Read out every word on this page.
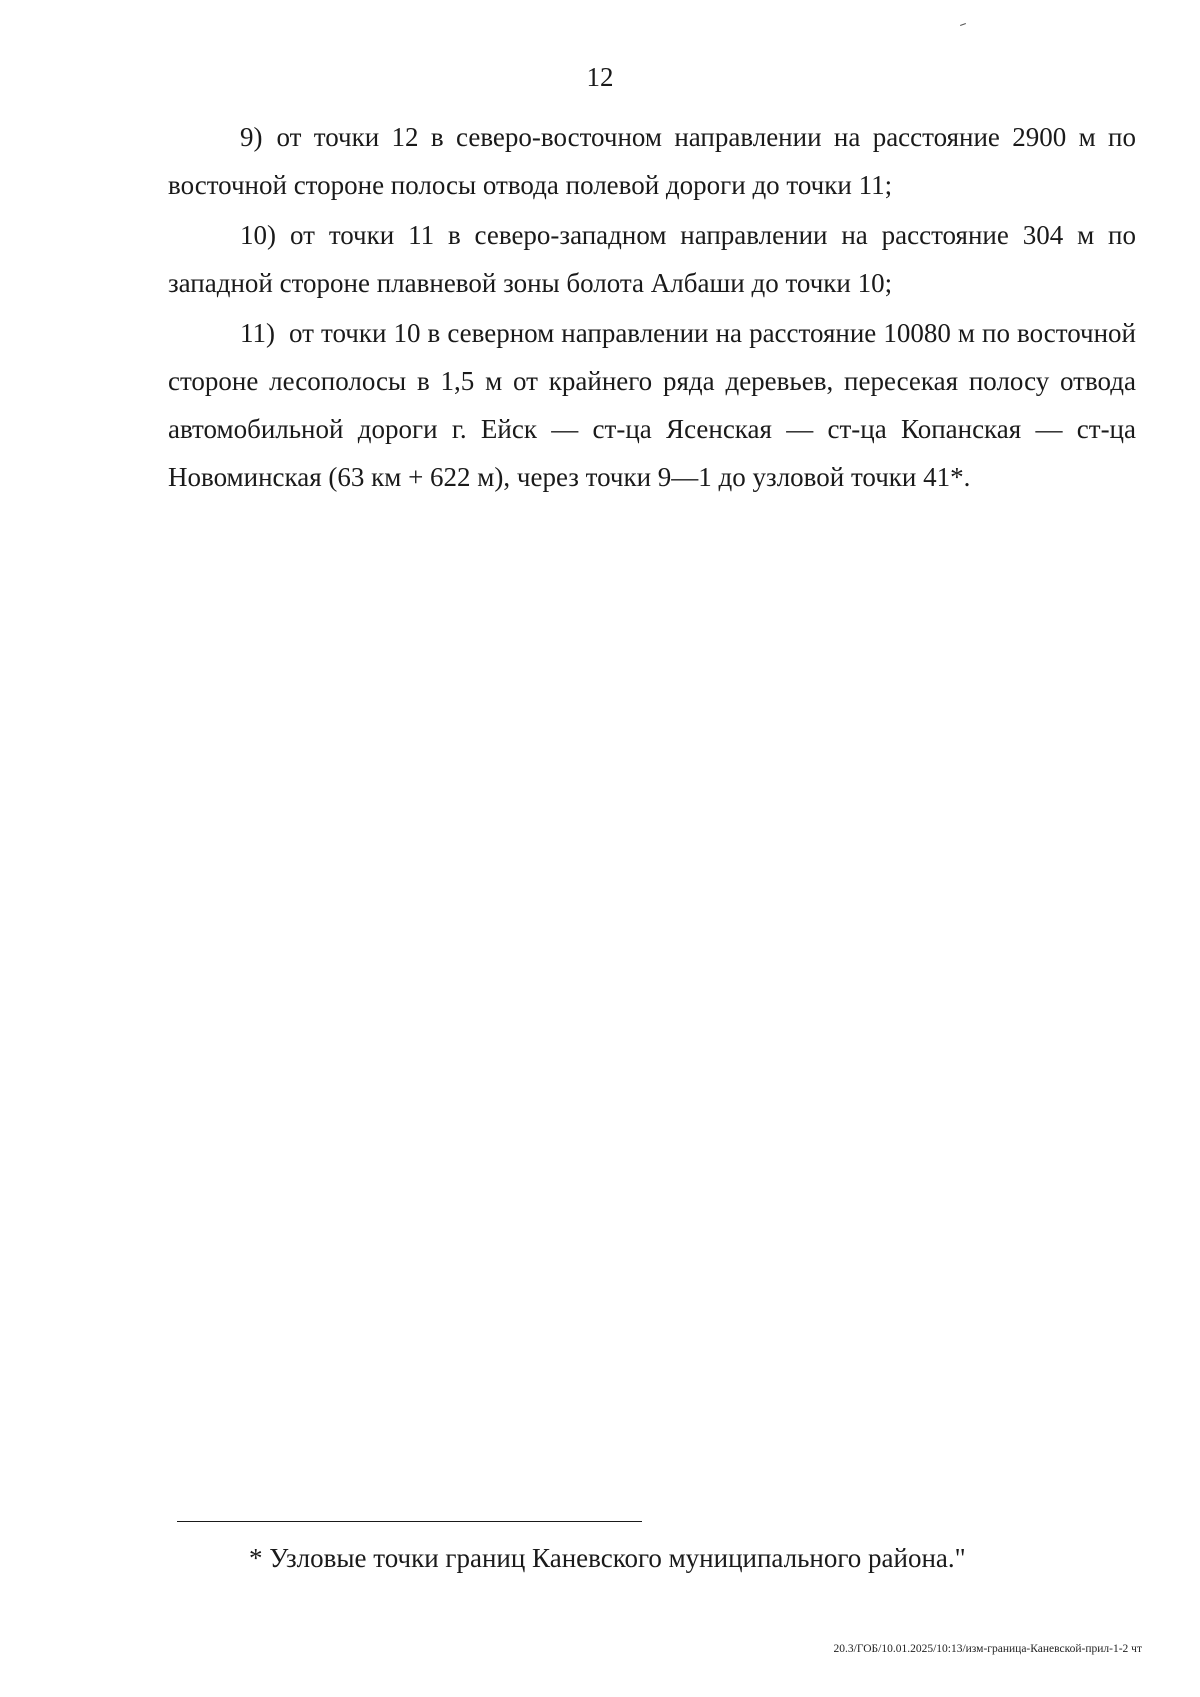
12
9) от точки 12 в северо-восточном направлении на расстояние 2900 м по восточной стороне полосы отвода полевой дороги до точки 11;
10) от точки 11 в северо-западном направлении на расстояние 304 м по западной стороне плавневой зоны болота Албаши до точки 10;
11) от точки 10 в северном направлении на расстояние 10080 м по восточной стороне лесополосы в 1,5 м от крайнего ряда деревьев, пересекая полосу отвода автомобильной дороги г. Ейск — ст-ца Ясенская — ст-ца Копанская — ст-ца Новоминская (63 км + 622 м), через точки 9—1 до узловой точки 41*.
* Узловые точки границ Каневского муниципального района."
20.3/ГОБ/10.01.2025/10:13/изм-граница-Каневской-прил-1-2 чт
